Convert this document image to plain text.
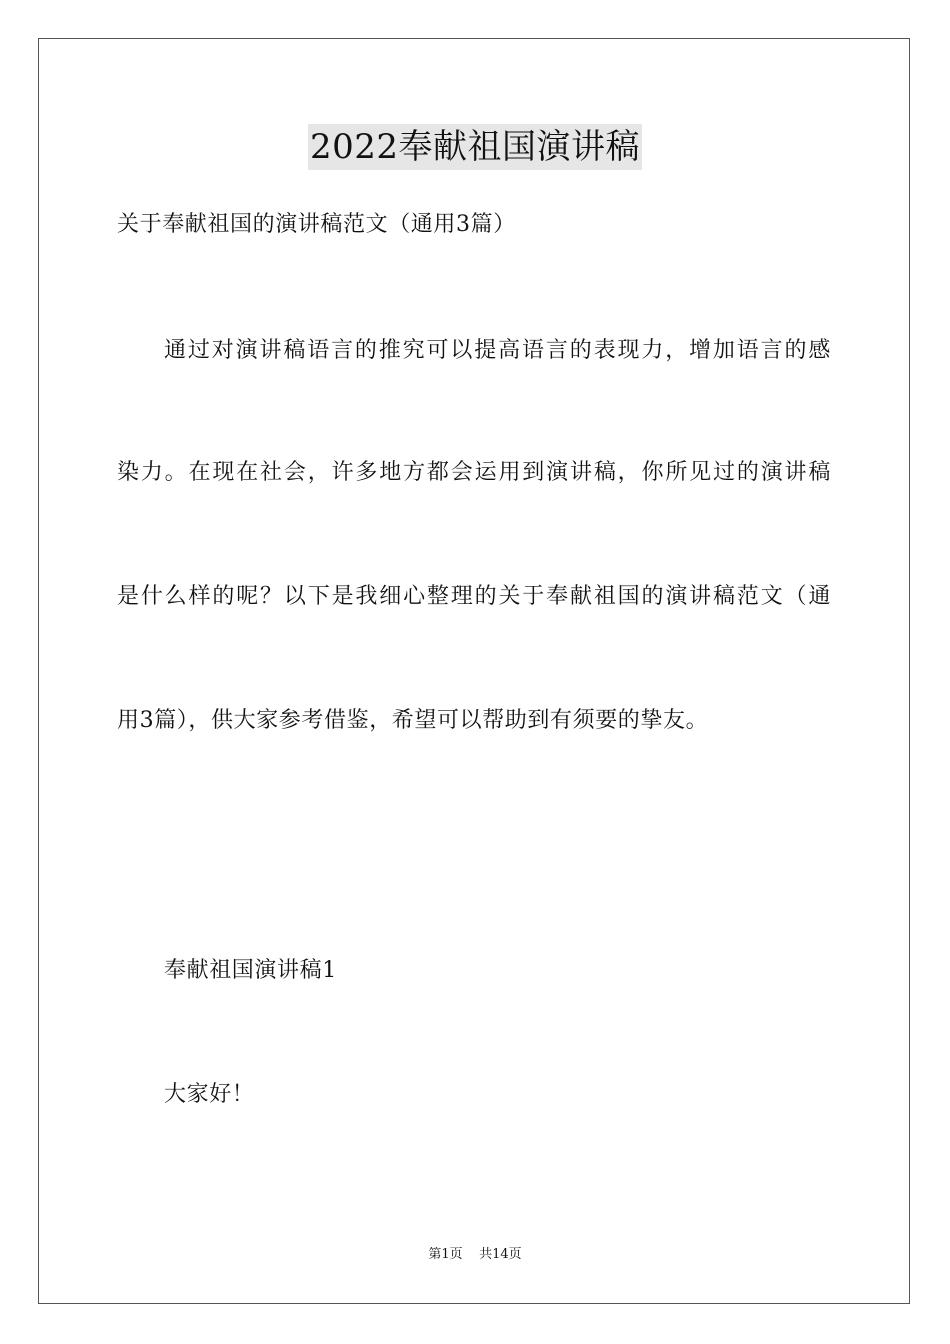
2022奉献祖国演讲稿
关于奉献祖国的演讲稿范文（通用3篇）
通过对演讲稿语言的推究可以提高语言的表现力，增加语言的感
染力。在现在社会，许多地方都会运用到演讲稿，你所见过的演讲稿
是什么样的呢？以下是我细心整理的关于奉献祖国的演讲稿范文（通
用3篇），供大家参考借鉴，希望可以帮助到有须要的挚友。
奉献祖国演讲稿1
大家好！
第1页 共14页
